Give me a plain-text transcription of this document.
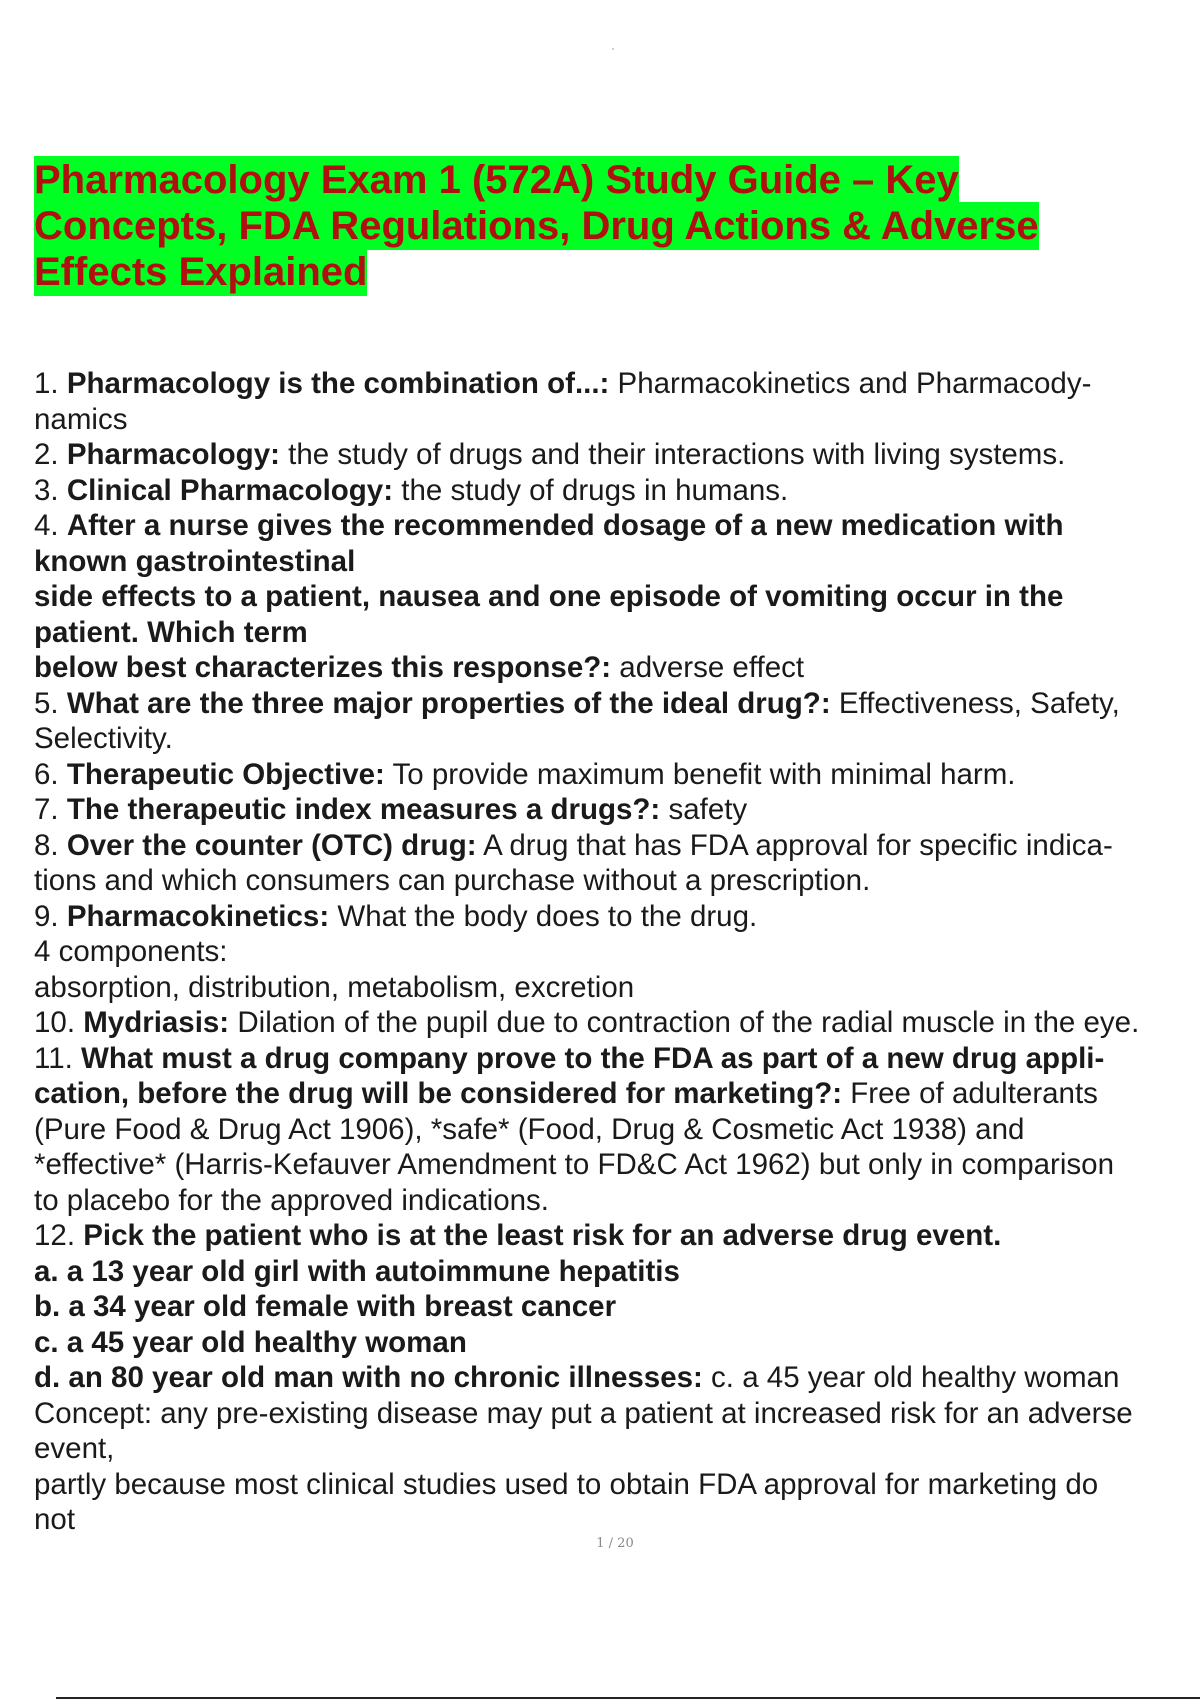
Pharmacology Exam 1 (572A) Study Guide – Key Concepts, FDA Regulations, Drug Actions & Adverse Effects Explained
1. Pharmacology is the combination of...: Pharmacokinetics and Pharmacody-
namics
2. Pharmacology: the study of drugs and their interactions with living systems.
3. Clinical Pharmacology: the study of drugs in humans.
4. After a nurse gives the recommended dosage of a new medication with
known gastrointestinal
side effects to a patient, nausea and one episode of vomiting occur in the
patient. Which term
below best characterizes this response?: adverse effect
5. What are the three major properties of the ideal drug?: Effectiveness, Safety,
Selectivity.
6. Therapeutic Objective: To provide maximum benefit with minimal harm.
7. The therapeutic index measures a drugs?: safety
8. Over the counter (OTC) drug: A drug that has FDA approval for specific indica-
tions and which consumers can purchase without a prescription.
9. Pharmacokinetics: What the body does to the drug.
4 components:
absorption, distribution, metabolism, excretion
10. Mydriasis: Dilation of the pupil due to contraction of the radial muscle in the eye.
11. What must a drug company prove to the FDA as part of a new drug appli-
cation, before the drug will be considered for marketing?: Free of adulterants
(Pure Food & Drug Act 1906), *safe* (Food, Drug & Cosmetic Act 1938) and
*effective* (Harris-Kefauver Amendment to FD&C Act 1962) but only in comparison
to placebo for the approved indications.
12. Pick the patient who is at the least risk for an adverse drug event.
a. a 13 year old girl with autoimmune hepatitis
b. a 34 year old female with breast cancer
c. a 45 year old healthy woman
d. an 80 year old man with no chronic illnesses: c. a 45 year old healthy woman
Concept: any pre-existing disease may put a patient at increased risk for an adverse
event,
partly because most clinical studies used to obtain FDA approval for marketing do
not
1 / 20
